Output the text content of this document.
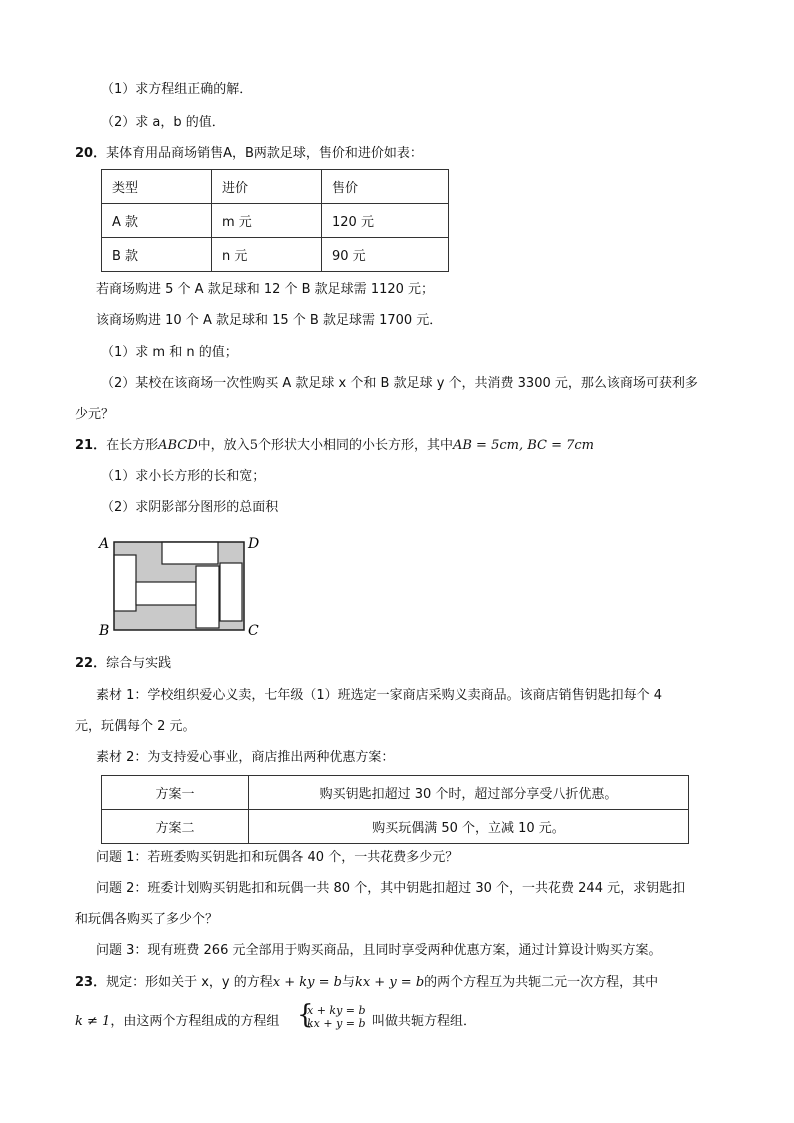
（1）求方程组正确的解．
（2）求 a，b 的值．
20．某体育用品商场销售A，B两款足球，售价和进价如表：
类型	进价	售价
A 款	m 元	120 元
B 款	n 元	90 元
若商场购进 5 个 A 款足球和 12 个 B 款足球需 1120 元；
该商场购进 10 个 A 款足球和 15 个 B 款足球需 1700 元．
（1）求 m 和 n 的值；
（2）某校在该商场一次性购买 A 款足球 x 个和 B 款足球 y 个，共消费 3300 元，那么该商场可获利多
少元？
21．在长方形ABCD中，放入5个形状大小相同的小长方形，其中AB = 5cm, BC = 7cm
（1）求小长方形的长和宽；
（2）求阴影部分图形的总面积
A	D
B	C
22．综合与实践
素材 1：学校组织爱心义卖，七年级（1）班选定一家商店采购义卖商品。该商店销售钥匙扣每个 4
元，玩偶每个 2 元。
素材 2：为支持爱心事业，商店推出两种优惠方案：
方案一	购买钥匙扣超过 30 个时，超过部分享受八折优惠。
方案二	购买玩偶满 50 个，立减 10 元。
问题 1：若班委购买钥匙扣和玩偶各 40 个，一共花费多少元？
问题 2：班委计划购买钥匙扣和玩偶一共 80 个，其中钥匙扣超过 30 个，一共花费 244 元，求钥匙扣
和玩偶各购买了多少个？
问题 3：现有班费 266 元全部用于购买商品，且同时享受两种优惠方案，通过计算设计购买方案。
23．规定：形如关于 x，y 的方程x + ky = b与kx + y = b的两个方程互为共轭二元一次方程，其中
k ≠ 1，由这两个方程组成的方程组 {
x + ky = b
kx + y = b 叫做共轭方程组．
